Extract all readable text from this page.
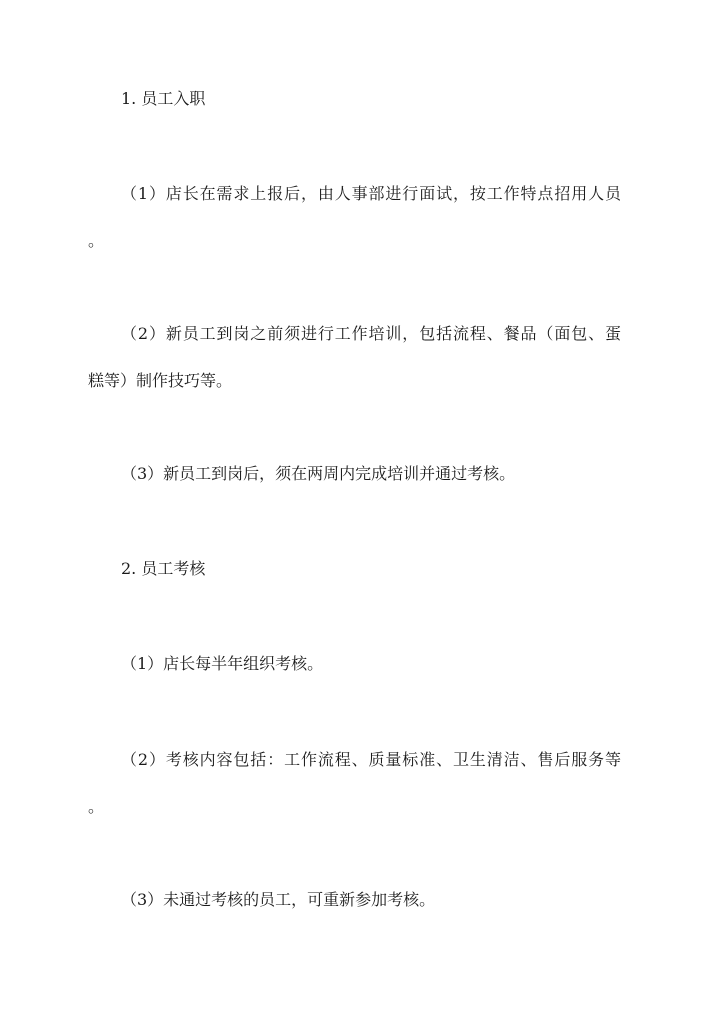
1. 员工入职

（1）店长在需求上报后，由人事部进行面试，按工作特点招用人员

。

（2）新员工到岗之前须进行工作培训，包括流程、餐品（面包、蛋

糕等）制作技巧等。

（3）新员工到岗后，须在两周内完成培训并通过考核。

2. 员工考核

（1）店长每半年组织考核。

（2）考核内容包括：工作流程、质量标准、卫生清洁、售后服务等

。

（3）未通过考核的员工，可重新参加考核。
